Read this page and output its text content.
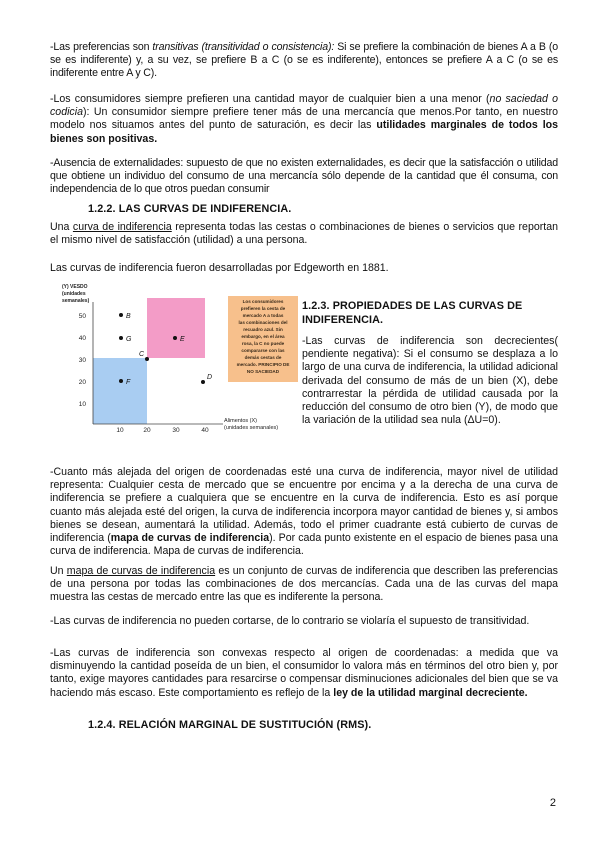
-Las preferencias son transitivas (transitividad o consistencia): Si se prefiere la combinación de bienes A a B (o se es indiferente) y, a su vez, se prefiere B a C (o se es indiferente), entonces se prefiere A a C (o se es indiferente entre A y C).

-Los consumidores siempre prefieren una cantidad mayor de cualquier bien a una menor (no saciedad o codicia): Un consumidor siempre prefiere tener más de una mercancía que menos.Por tanto, en nuestro modelo nos situamos antes del punto de saturación, es decir las utilidades marginales de todos los bienes son positivas.

-Ausencia de externalidades: supuesto de que no existen externalidades, es decir que la satisfacción o utilidad que obtiene un individuo del consumo de una mercancía sólo depende de la cantidad que él consuma, con independencia de lo que otros puedan consumir

1.2.2. LAS CURVAS DE INDIFERENCIA.

Una curva de indiferencia representa todas las cestas o combinaciones de bienes o servicios que reportan el mismo nivel de satisfacción (utilidad) a una persona.

Las curvas de indiferencia fueron desarrolladas por Edgeworth en 1881.

(Y) VESDO
(unidades
semanales)
50
40
30
20
10
10	20	30	40
Alimentos (X)
(unidades semanales)
B
G	E
C
F
D
Los consumidores
prefieren la cesta de
mercado A a todas
las combinaciones del
recuadro azul. Sin
embargo, en el área
rosa, la C no puede
compararse con las
demás cestas de
mercado. PRINCIPIO DE
NO SACIEDAD
1.2.3. PROPIEDADES DE LAS CURVAS DE INDIFERENCIA.

-Las curvas de indiferencia son decrecientes( pendiente negativa): Si el consumo se desplaza a lo largo de una curva de indiferencia, la utilidad adicional derivada del consumo de más de un bien (X), debe contrarrestar la pérdida de utilidad causada por la reducción del consumo de otro bien (Y), de modo que la variación de la utilidad sea nula (ΔU=0).

-Cuanto más alejada del origen de coordenadas esté una curva de indiferencia, mayor nivel de utilidad representa: Cualquier cesta de mercado que se encuentre por encima y a la derecha de una curva de indiferencia se prefiere a cualquiera que se encuentre en la curva de indiferencia. Esto es así porque cuanto más alejada esté del origen, la curva de indiferencia incorpora mayor cantidad de bienes y, si ambos bienes se desean, aumentará la utilidad. Además, todo el primer cuadrante está cubierto de curvas de indiferencia (mapa de curvas de indiferencia). Por cada punto existente en el espacio de bienes pasa una curva de indiferencia. Mapa de curvas de indiferencia.

Un mapa de curvas de indiferencia es un conjunto de curvas de indiferencia que describen las preferencias de una persona por todas las combinaciones de dos mercancías. Cada una de las curvas del mapa muestra las cestas de mercado entre las que es indiferente la persona.

-Las curvas de indiferencia no pueden cortarse, de lo contrario se violaría el supuesto de transitividad.

-Las curvas de indiferencia son convexas respecto al origen de coordenadas: a medida que va disminuyendo la cantidad poseída de un bien, el consumidor lo valora más en términos del otro bien y, por tanto, exige mayores cantidades para resarcirse o compensar disminuciones adicionales del bien que se va haciendo más escaso. Este comportamiento es reflejo de la ley de la utilidad marginal decreciente.

1.2.4. RELACIÓN MARGINAL DE SUSTITUCIÓN (RMS).
2
